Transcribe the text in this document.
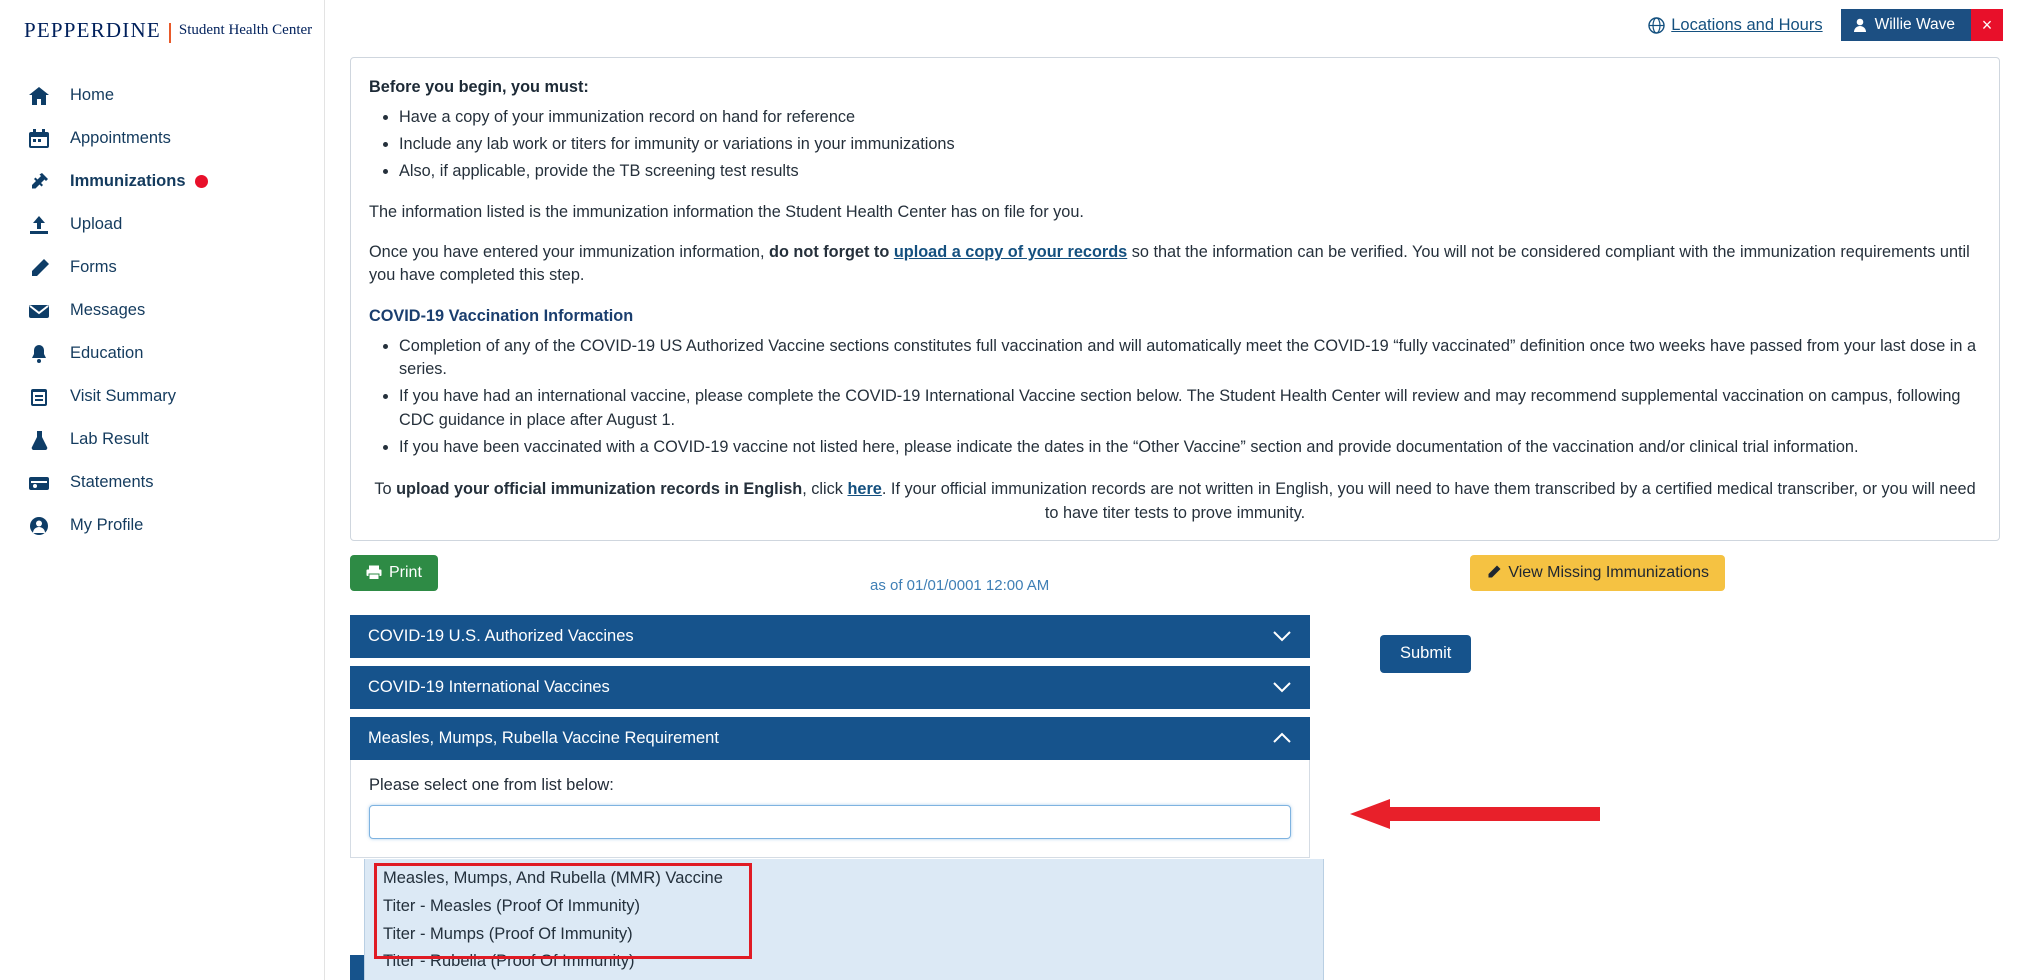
PEPPERDINE Student Health Center
Home
Appointments
Immunizations
Upload
Forms
Messages
Education
Visit Summary
Lab Result
Statements
My Profile
Locations and Hours	Willie Wave ×
Before you begin, you must:
• Have a copy of your immunization record on hand for reference
• Include any lab work or titers for immunity or variations in your immunizations
• Also, if applicable, provide the TB screening test results

The information listed is the immunization information the Student Health Center has on file for you.

Once you have entered your immunization information, do not forget to upload a copy of your records so that the information can be verified. You will not be considered compliant with the immunization requirements until you have completed this step.

COVID-19 Vaccination Information
• Completion of any of the COVID-19 US Authorized Vaccine sections constitutes full vaccination and will automatically meet the COVID-19 “fully vaccinated” definition once two weeks have passed from your last dose in a series.
• If you have had an international vaccine, please complete the COVID-19 International Vaccine section below. The Student Health Center will review and may recommend supplemental vaccination on campus, following CDC guidance in place after August 1.
• If you have been vaccinated with a COVID-19 vaccine not listed here, please indicate the dates in the “Other Vaccine” section and provide documentation of the vaccination and/or clinical trial information.

To upload your official immunization records in English, click here. If your official immunization records are not written in English, you will need to have them transcribed by a certified medical transcriber, or you will need to have titer tests to prove immunity.

Print
as of 01/01/0001 12:00 AM
View Missing Immunizations
COVID-19 U.S. Authorized Vaccines
COVID-19 International Vaccines
Measles, Mumps, Rubella Vaccine Requirement
Please select one from list below:
Measles, Mumps, And Rubella (MMR) Vaccine
Titer - Measles (Proof Of Immunity)
Titer - Mumps (Proof Of Immunity)
Titer - Rubella (Proof Of Immunity)
Submit
